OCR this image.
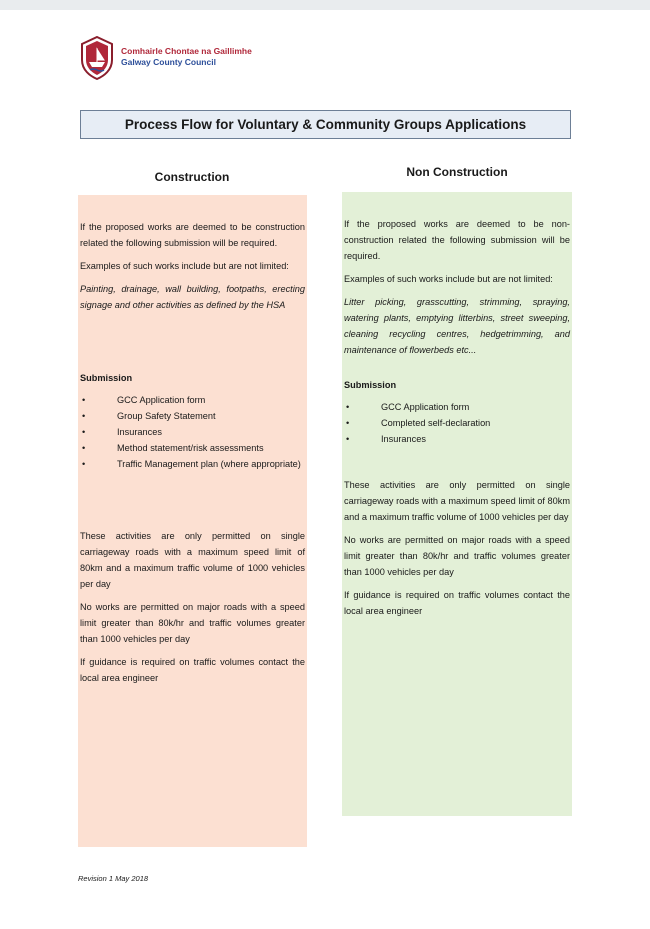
Comhairle Chontae na Gaillimhe
Galway County Council
Process Flow for Voluntary & Community Groups Applications
Construction	Non Construction

If the proposed works are deemed to be construction related the following submission will be required.

Examples of such works include but are not limited:

Painting, drainage, wall building, footpaths, erecting signage and other activities as defined by the HSA

Submission

• GCC Application form
• Group Safety Statement
• Insurances
• Method statement/risk assessments
• Traffic Management plan (where appropriate)

These activities are only permitted on single carriageway roads with a maximum speed limit of 80km and a maximum traffic volume of 1000 vehicles per day

No works are permitted on major roads with a speed limit greater than 80k/hr and traffic volumes greater than 1000 vehicles per day

If guidance is required on traffic volumes contact the local area engineer

If the proposed works are deemed to be non-construction related the following submission will be required.

Examples of such works include but are not limited:

Litter picking, grasscutting, strimming, spraying, watering plants, emptying litterbins, street sweeping, cleaning recycling centres, hedgetrimming, and maintenance of flowerbeds etc...

Submission

• GCC Application form
• Completed self-declaration
• Insurances

These activities are only permitted on single carriageway roads with a maximum speed limit of 80km and a maximum traffic volume of 1000 vehicles per day

No works are permitted on major roads with a speed limit greater than 80k/hr and traffic volumes greater than 1000 vehicles per day

If guidance is required on traffic volumes contact the local area engineer

Revision 1 May 2018
